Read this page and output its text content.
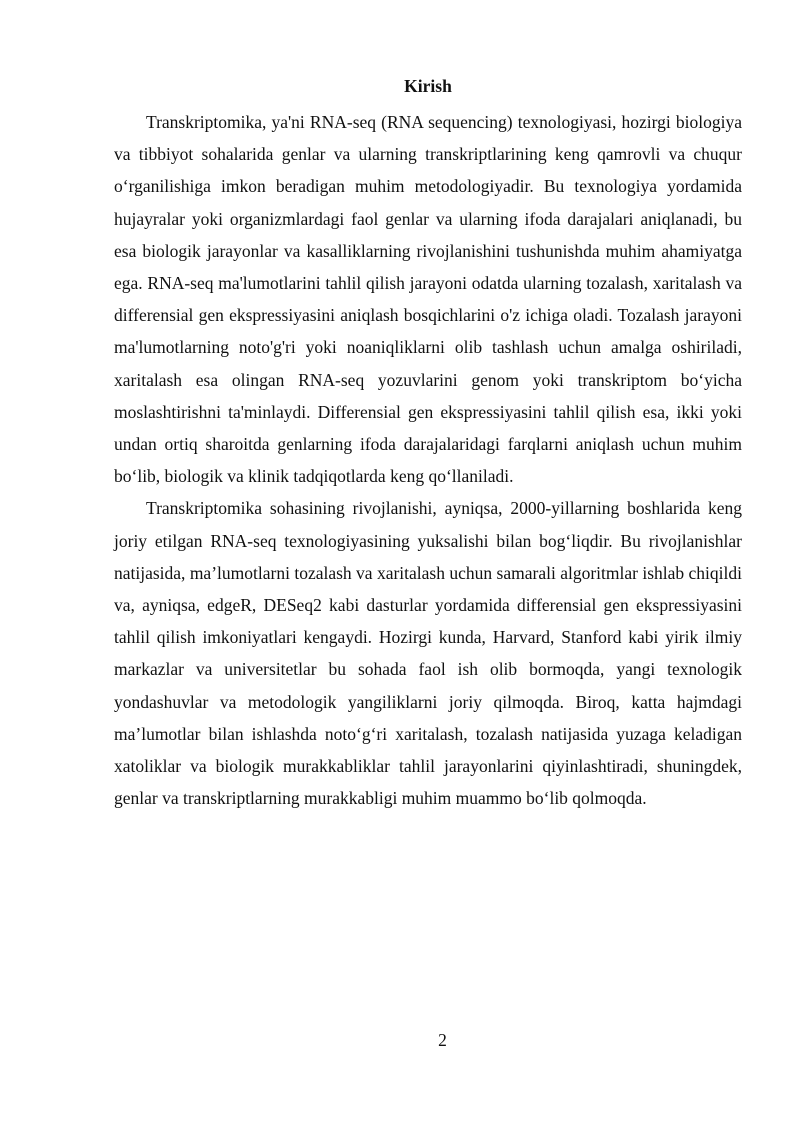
Kirish

Transkriptomika, ya'ni RNA-seq (RNA sequencing) texnologiyasi, hozirgi biologiya va tibbiyot sohalarida genlar va ularning transkriptlarining keng qamrovli va chuqur o‘rganilishiga imkon beradigan muhim metodologiyadir. Bu texnologiya yordamida hujayralar yoki organizmlardagi faol genlar va ularning ifoda darajalari aniqlanadi, bu esa biologik jarayonlar va kasalliklarning rivojlanishini tushunishda muhim ahamiyatga ega. RNA-seq ma'lumotlarini tahlil qilish jarayoni odatda ularning tozalash, xaritalash va differensial gen ekspressiyasini aniqlash bosqichlarini o'z ichiga oladi. Tozalash jarayoni ma'lumotlarning noto'g'ri yoki noaniqliklarni olib tashlash uchun amalga oshiriladi, xaritalash esa olingan RNA-seq yozuvlarini genom yoki transkriptom bo‘yicha moslashtirishni ta'minlaydi. Differensial gen ekspressiyasini tahlil qilish esa, ikki yoki undan ortiq sharoitda genlarning ifoda darajalaridagi farqlarni aniqlash uchun muhim bo‘lib, biologik va klinik tadqiqotlarda keng qo‘llaniladi.

Transkriptomika sohasining rivojlanishi, ayniqsa, 2000-yillarning boshlarida keng joriy etilgan RNA-seq texnologiyasining yuksalishi bilan bog‘liqdir. Bu rivojlanishlar natijasida, ma’lumotlarni tozalash va xaritalash uchun samarali algoritmlar ishlab chiqildi va, ayniqsa, edgeR, DESeq2 kabi dasturlar yordamida differensial gen ekspressiyasini tahlil qilish imkoniyatlari kengaydi. Hozirgi kunda, Harvard, Stanford kabi yirik ilmiy markazlar va universitetlar bu sohada faol ish olib bormoqda, yangi texnologik yondashuvlar va metodologik yangiliklarni joriy qilmoqda. Biroq, katta hajmdagi ma’lumotlar bilan ishlashda noto‘g‘ri xaritalash, tozalash natijasida yuzaga keladigan xatoliklar va biologik murakkabliklar tahlil jarayonlarini qiyinlashtiradi, shuningdek, genlar va transkriptlarning murakkabligi muhim muammo bo‘lib qolmoqda.

2
